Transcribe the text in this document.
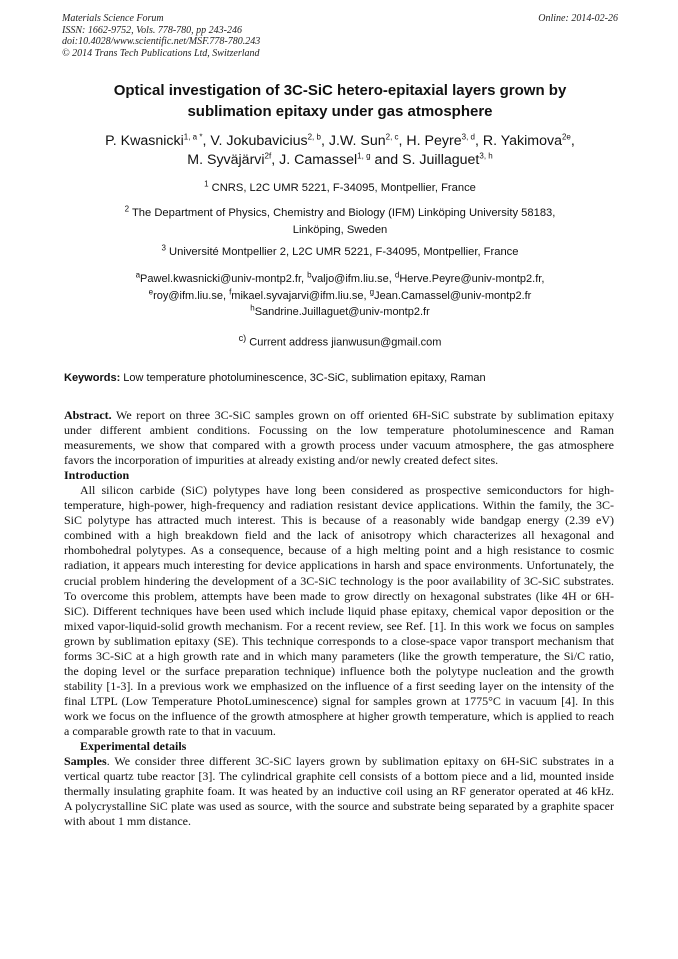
Materials Science Forum
ISSN: 1662-9752, Vols. 778-780, pp 243-246
doi:10.4028/www.scientific.net/MSF.778-780.243
© 2014 Trans Tech Publications Ltd, Switzerland
Online: 2014-02-26
Optical investigation of 3C-SiC hetero-epitaxial layers grown by
sublimation epitaxy under gas atmosphere
P. Kwasnicki$^{1, a *}$, V. Jokubavicius$^{2, b}$, J.W. Sun$^{2, c}$, H. Peyre$^{3, d}$, R. Yakimova$^{2e}$,
M. Syväjärvi$^{2f}$, J. Camassel$^{1, g}$ and S. Juillaguet$^{3, h}$
$^1$ CNRS, L2C UMR 5221, F-34095, Montpellier, France
$^2$ The Department of Physics, Chemistry and Biology (IFM) Linköping University 58183,
Linköping, Sweden
$^3$ Université Montpellier 2, L2C UMR 5221, F-34095, Montpellier, France
$^a$Pawel.kwasnicki@univ-montp2.fr, $^b$valjo@ifm.liu.se, $^d$Herve.Peyre@univ-montp2.fr,
$^e$roy@ifm.liu.se, $^f$mikael.syvajarvi@ifm.liu.se, $^g$Jean.Camassel@univ-montp2.fr
$^h$Sandrine.Juillaguet@univ-montp2.fr
$^{c)}$ Current address jianwusun@gmail.com
Keywords: Low temperature photoluminescence, 3C-SiC, sublimation epitaxy, Raman

Abstract. We report on three 3C-SiC samples grown on off oriented 6H-SiC substrate by sublimation epitaxy under different ambient conditions. Focussing on the low temperature photoluminescence and Raman measurements, we show that compared with a growth process under vacuum atmosphere, the gas atmosphere favors the incorporation of impurities at already existing and/or newly created defect sites.

Introduction

All silicon carbide (SiC) polytypes have long been considered as prospective semiconductors for high-temperature, high-power, high-frequency and radiation resistant device applications. Within the family, the 3C-SiC polytype has attracted much interest. This is because of a reasonably wide bandgap energy (2.39 eV) combined with a high breakdown field and the lack of anisotropy which characterizes all hexagonal and rhombohedral polytypes. As a consequence, because of a high melting point and a high resistance to cosmic radiation, it appears much interesting for device applications in harsh and space environments. Unfortunately, the crucial problem hindering the development of a 3C-SiC technology is the poor availability of 3C-SiC substrates. To overcome this problem, attempts have been made to grow directly on hexagonal substrates (like 4H or 6H-SiC). Different techniques have been used which include liquid phase epitaxy, chemical vapor deposition or the mixed vapor-liquid-solid growth mechanism. For a recent review, see Ref. [1]. In this work we focus on samples grown by sublimation epitaxy (SE). This technique corresponds to a close-space vapor transport mechanism that forms 3C-SiC at a high growth rate and in which many parameters (like the growth temperature, the Si/C ratio, the doping level or the surface preparation technique) influence both the polytype nucleation and the growth stability [1-3]. In a previous work we emphasized on the influence of a first seeding layer on the intensity of the final LTPL (Low Temperature PhotoLuminescence) signal for samples grown at 1775°C in vacuum [4]. In this work we focus on the influence of the growth atmosphere at higher growth temperature, which is applied to reach a comparable growth rate to that in vacuum.

Experimental details

Samples. We consider three different 3C-SiC layers grown by sublimation epitaxy on 6H-SiC substrates in a vertical quartz tube reactor [3]. The cylindrical graphite cell consists of a bottom piece and a lid, mounted inside thermally insulating graphite foam. It was heated by an inductive coil using an RF generator operated at 46 kHz. A polycrystalline SiC plate was used as source, with the source and substrate being separated by a graphite spacer with about 1 mm distance.
